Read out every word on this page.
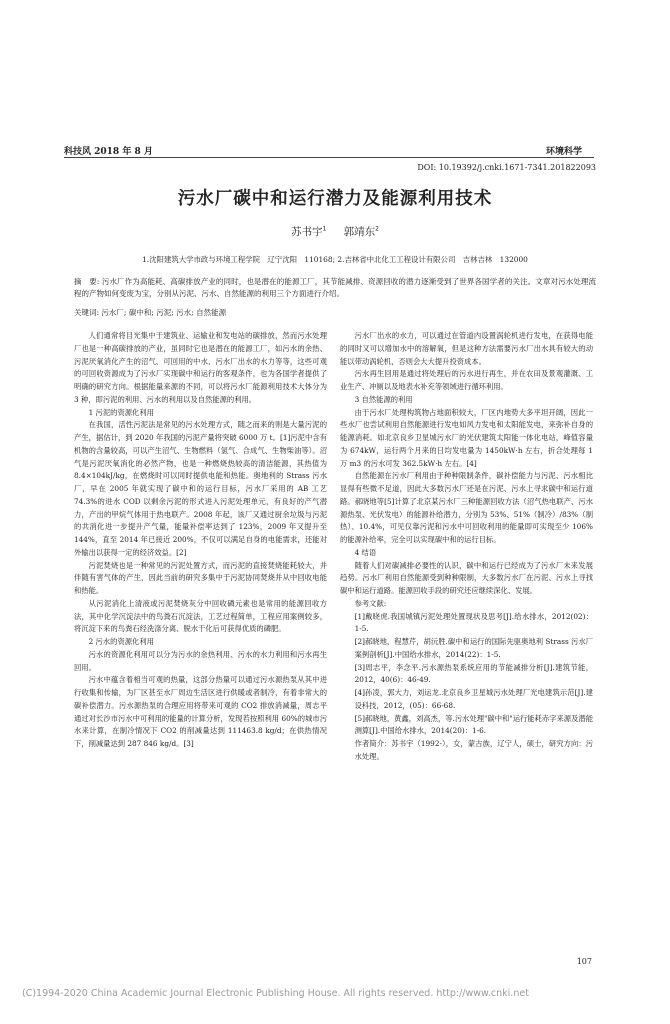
科技风 2018 年 8 月	环境科学
DOI: 10.19392/j.cnki.1671-7341.201822093
污水厂碳中和运行潜力及能源利用技术
苏书宇$^1$ 　 郭靖东$^2$
1.沈阳建筑大学市政与环境工程学院　辽宁沈阳　110168; 2.吉林省中北化工工程设计有限公司　吉林吉林　132000
摘　要: 污水厂作为高能耗、高碳排放产业的同时，也是潜在的能源工厂，其节能减排、资源回收的潜力逐渐受到了世界各国学者的关注。文章对污水处理流程的产物如何变废为宝，分别从污泥、污水、自然能源的利用三个方面进行介绍。
关键词: 污水厂; 碳中和; 污泥; 污水; 自然能源

人们通常将目光集中于建筑业、运输业和发电站的碳排放，然而污水处理厂也是一种高碳排放的产业，虽同时它也是潜在的能源工厂，如污水的余热、污泥厌氧消化产生的沼气、可回用的中水、污水厂出水的水力等等，这些可观的可回收资源成为了污水厂实现碳中和运行的客观条件，也为各国学者提供了明确的研究方向。根据能量来源的不同，可以将污水厂能源利用技术大体分为 3 种，即污泥的利用、污水的利用以及自然能源的利用。

1 污泥的资源化利用

在我国，活性污泥法是常见的污水处理方式，随之而来的则是大量污泥的产生，据估计，到 2020 年我国的污泥产量将突破 6000 万 t。[1]污泥中含有机物的含量较高，可以产生沼气、生物燃料（氢气、合成气、生物柴油等）。沼气是污泥厌氧消化的必然产物，也是一种燃烧热较高的清洁能源，其热值为 8.4×104kJ/kg，在燃烧时可以同时提供电能和热能。奥地利的 Strass 污水厂，早在 2005 年就实现了碳中和的运行目标，污水厂采用的 AB 工艺 74.3%的进水 COD 以剩余污泥的形式进入污泥处理单元，有良好的产气潜力，产出的甲烷气体用于热电联产。2008 年起，该厂又通过厨余垃圾与污泥的共消化进一步提升产气量，能量补偿率达到了 123%，2009 年又提升至 144%，直至 2014 年已接近 200%，不仅可以满足自身的电能需求，还能对外输出以获得一定的经济效益。[2]

污泥焚烧也是一种常见的污泥处置方式，而污泥的直接焚烧能耗较大，并伴随有害气体的产生，因此当前的研究多集中于污泥协同焚烧并从中回收电能和热能。

从污泥消化上清液或污泥焚烧灰分中回收磷元素也是常用的能源回收方法，其中化学沉淀法中的鸟粪石沉淀法，工艺过程简单，工程应用案例较多，将沉淀下来的鸟粪石经洗涤分离、脱水干化后可获得优质的磷肥。

2 污水的资源化利用

污水的资源化利用可以分为污水的余热利用、污水的水力利用和污水再生回用。

污水中蕴含着相当可观的热量，这部分热量可以通过污水源热泵从其中进行收集和传输，为厂区甚至水厂周边生活区进行供暖或者制冷，有着非常大的碳补偿潜力。污水源热泵的合理应用将带来可观的 CO2 排放消减量，周志平通过对长沙市污水中可利用的能量的计算分析，发现若按照利用 60%的城市污水来计算，在制冷情况下 CO2 的削减量达到 111463.8 kg/d；在供热情况下，削减量达到 287 846 kg/d。[3]

污水厂出水的水力，可以通过在管道内设置涡轮机进行发电，在获得电能的同时又可以增加水中的溶解氧，但是这种方法需要污水厂出水具有较大的动能以带动涡轮机，否则会大大提升投资成本。

污水再生回用是通过将处理后的污水进行再生，并在农田及景观灌溉、工业生产、冲厕以及地表水补充等领域进行循环利用。

3 自然能源的利用

由于污水厂处理构筑物占地面积较大，厂区内地势大多平坦开阔，因此一些水厂也尝试利用自然能源进行发电如风力发电和太阳能发电，来弥补自身的能源消耗。如北京良乡卫星城污水厂的光伏建筑太阳能一体化电站，峰值容量为 674kW，运行两个月来的日均发电量为 1450kW·h 左右，折合处理每 1 万 m3 的污水可发 362.5kW·h 左右。[4]

自然能源在污水厂利用由于种种限制条件，碳补偿能力与污泥、污水相比显得有些微不足道，因此大多数污水厂还是在污泥、污水上寻求碳中和运行道路。郝晓地等[5]计算了北京某污水厂三种能源回收方法（沼气热电联产、污水源热泵、光伏发电）的能源补给潜力，分别为 53%、51%（制冷）/83%（制热）、10.4%，可见仅靠污泥和污水中可回收利用的能量即可实现至少 106%的能源补给率，完全可以实现碳中和的运行目标。

4 结语

随着人们对碳减排必要性的认识，碳中和运行已经成为了污水厂未来发展趋势。污水厂利用自然能源受到种种限制，大多数污水厂在污泥、污水上寻找碳中和运行道路。能源回收手段的研究还应继续深化、发展。

参考文献:

[1]戴晓虎.我国城镇污泥处理处置现状及思考[J].给水排水，2012(02)：1-5.

[2]郝晓地，程慧芹，胡沅胜.碳中和运行的国际先驱奥地利 Strass 污水厂案例剖析[J].中国给水排水，2014(22)：1-5.

[3]周志平，李念平.污水源热泵系统应用的节能减排分析[J].建筑节能，2012，40(6)：46-49.

[4]孙凌，郭大力，刘运龙.北京良乡卫星城污水处理厂光电建筑示范[J].建设科技，2012，(05)：66-68.

[5]郝晓地，黄鑫，刘高杰，等.污水处理"碳中和"运行能耗赤字来源及潜能测算[J].中国给水排水，2014(20)：1-6.

作者简介：苏书宇（1992-），女，蒙古族，辽宁人，硕士，研究方向：污水处理。

(C)1994-2020 China Academic Journal Electronic Publishing House. All rights reserved. http://www.cnki.net
107
